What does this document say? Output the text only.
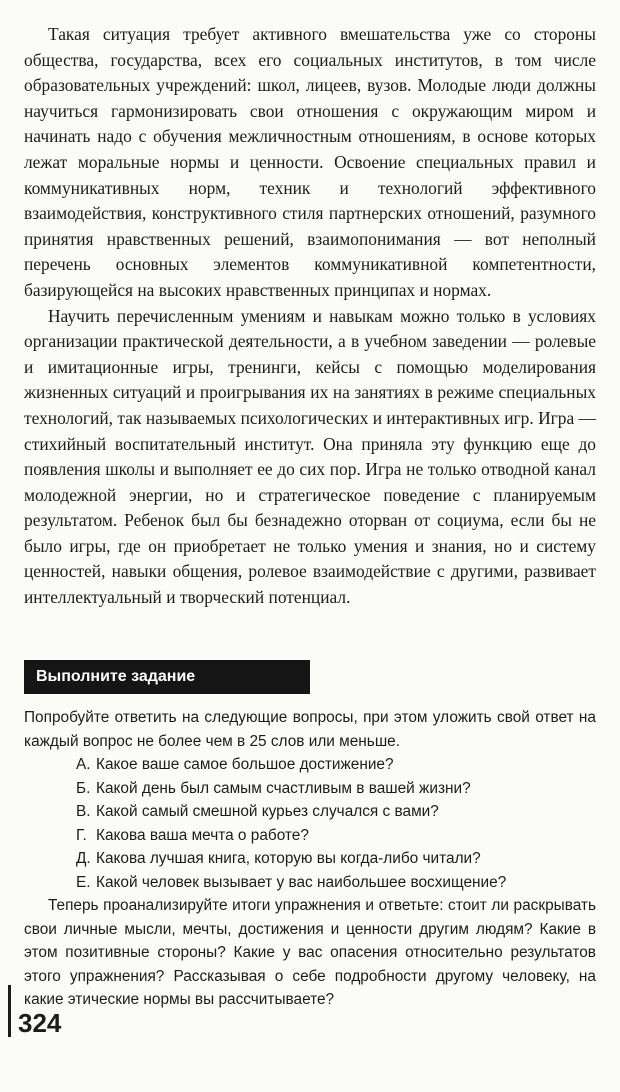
Такая ситуация требует активного вмешательства уже со стороны общества, государства, всех его социальных институтов, в том числе образовательных учреждений: школ, лицеев, вузов. Молодые люди должны научиться гармонизировать свои отношения с окружающим миром и начинать надо с обучения межличностным отношениям, в основе которых лежат моральные нормы и ценности. Освоение специальных правил и коммуникативных норм, техник и технологий эффективного взаимодействия, конструктивного стиля партнерских отношений, разумного принятия нравственных решений, взаимопонимания — вот неполный перечень основных элементов коммуникативной компетентности, базирующейся на высоких нравственных принципах и нормах.

Научить перечисленным умениям и навыкам можно только в условиях организации практической деятельности, а в учебном заведении — ролевые и имитационные игры, тренинги, кейсы с помощью моделирования жизненных ситуаций и проигрывания их на занятиях в режиме специальных технологий, так называемых психологических и интерактивных игр. Игра — стихийный воспитательный институт. Она приняла эту функцию еще до появления школы и выполняет ее до сих пор. Игра не только отводной канал молодежной энергии, но и стратегическое поведение с планируемым результатом. Ребенок был бы безнадежно оторван от социума, если бы не было игры, где он приобретает не только умения и знания, но и систему ценностей, навыки общения, ролевое взаимодействие с другими, развивает интеллектуальный и творческий потенциал.

Выполните задание

Попробуйте ответить на следующие вопросы, при этом уложить свой ответ на каждый вопрос не более чем в 25 слов или меньше.

А. Какое ваше самое большое достижение?
Б. Какой день был самым счастливым в вашей жизни?
В. Какой самый смешной курьез случался с вами?
Г. Какова ваша мечта о работе?
Д. Какова лучшая книга, которую вы когда-либо читали?
Е. Какой человек вызывает у вас наибольшее восхищение?

Теперь проанализируйте итоги упражнения и ответьте: стоит ли раскрывать свои личные мысли, мечты, достижения и ценности другим людям? Какие в этом позитивные стороны? Какие у вас опасения относительно результатов этого упражнения? Рассказывая о себе подробности другому человеку, на какие этические нормы вы рассчитываете?

324
